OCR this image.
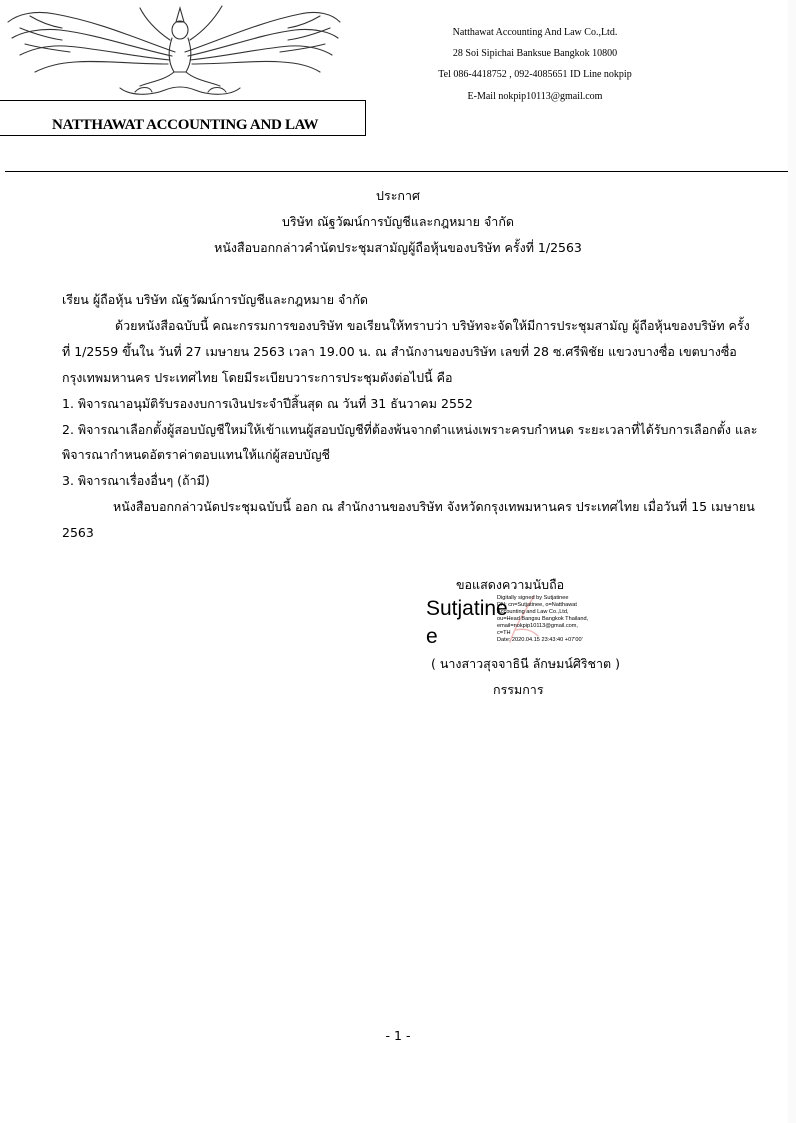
Natthawat Accounting And Law Co.,Ltd.
28 Soi Sipichai Banksue Bangkok 10800
Tel 086-4418752 , 092-4085651 ID Line nokpip
E-Mail nokpip10113@gmail.com
NATTHAWAT ACCOUNTING AND LAW
ประกาศ
บริษัท ณัฐวัฒน์การบัญชีและกฎหมาย จำกัด
หนังสือบอกกล่าวคำนัดประชุมสามัญผู้ถือหุ้นของบริษัท ครั้งที่ 1/2563
เรียน ผู้ถือหุ้น บริษัท ณัฐวัฒน์การบัญชีและกฎหมาย จำกัด
ด้วยหนังสือฉบับนี้ คณะกรรมการของบริษัท ขอเรียนให้ทราบว่า บริษัทจะจัดให้มีการประชุมสามัญ ผู้ถือหุ้นของบริษัท ครั้ง
ที่ 1/2559 ขึ้นใน วันที่ 27 เมษายน 2563 เวลา 19.00 น. ณ สำนักงานของบริษัท เลขที่ 28 ซ.ศรีพิชัย แขวงบางซื่อ เขตบางซื่อ
กรุงเทพมหานคร ประเทศไทย โดยมีระเบียบวาระการประชุมดังต่อไปนี้ คือ
1. พิจารณาอนุมัติรับรองงบการเงินประจำปีสิ้นสุด ณ วันที่ 31 ธันวาคม 2552
2. พิจารณาเลือกตั้งผู้สอบบัญชีใหม่ให้เข้าแทนผู้สอบบัญชีที่ต้องพ้นจากตำแหน่งเพราะครบกำหนด ระยะเวลาที่ได้รับการเลือกตั้ง และ
พิจารณากำหนดอัตราค่าตอบแทนให้แก่ผู้สอบบัญชี
3. พิจารณาเรื่องอื่นๆ (ถ้ามี)
หนังสือบอกกล่าวนัดประชุมฉบับนี้ ออก ณ สำนักงานของบริษัท จังหวัดกรุงเทพมหานคร ประเทศไทย เมื่อวันที่ 15 เมษายน
2563
ขอแสดงความนับถือ
Sutjatine
e
Digitally signed by Sutjatinee
DN: cn=Sutjatinee, o=Natthawat
Accounting and Law Co.,Ltd,
ou=Head Bangsu Bangkok Thailand,
email=nokpip10113@gmail.com,
c=TH
Date: 2020.04.15 23:43:40 +07'00'
( นางสาวสุจจาธินี ลักษมน์ศิริชาต )
กรรมการ
- 1 -
